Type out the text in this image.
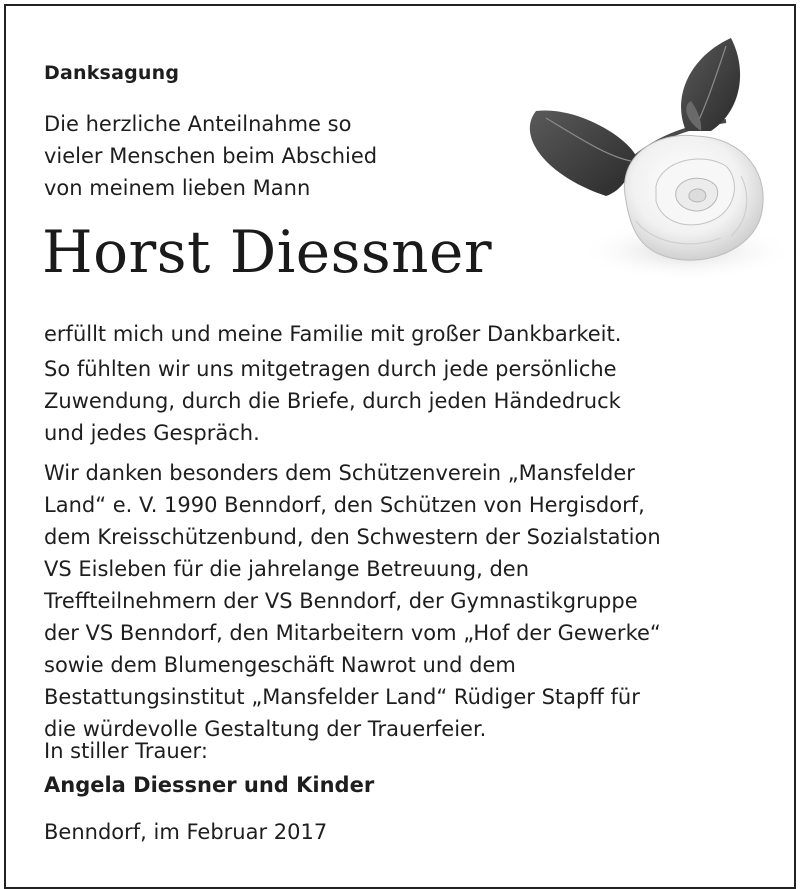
Danksagung
Die herzliche Anteilnahme so
vieler Menschen beim Abschied
von meinem lieben Mann
Horst Diessner
erfüllt mich und meine Familie mit großer Dankbarkeit.
So fühlten wir uns mitgetragen durch jede persönliche
Zuwendung, durch die Briefe, durch jeden Händedruck
und jedes Gespräch.
Wir danken besonders dem Schützenverein „Mansfelder
Land“ e. V. 1990 Benndorf, den Schützen von Hergisdorf,
dem Kreisschützenbund, den Schwestern der Sozialstation
VS Eisleben für die jahrelange Betreuung, den
Treffteilnehmern der VS Benndorf, der Gymnastikgruppe
der VS Benndorf, den Mitarbeitern vom „Hof der Gewerke“
sowie dem Blumengeschäft Nawrot und dem
Bestattungsinstitut „Mansfelder Land“ Rüdiger Stapff für
die würdevolle Gestaltung der Trauerfeier.
In stiller Trauer:
Angela Diessner und Kinder
Benndorf, im Februar 2017
